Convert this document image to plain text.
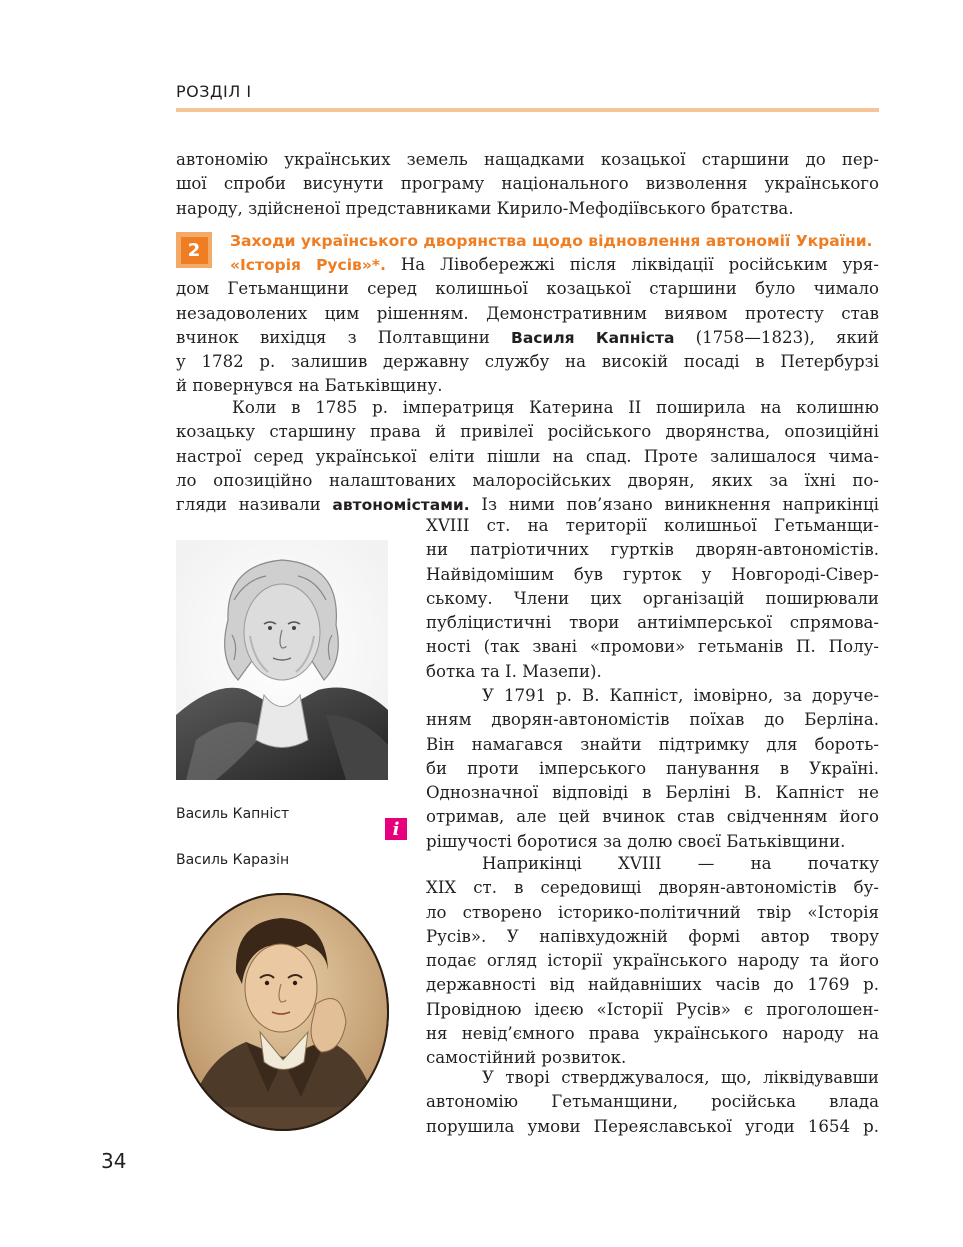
РОЗДІЛ І
автономію українських земель нащадками козацької старшини до пер-
шої спроби висунути програму національного визволення українського
народу, здійсненої представниками Кирило-Мефодіївського братства.
2	Заходи українського дворянства щодо відновлення автономії України.
«Історія Русів»*. На Лівобережжі після ліквідації російським уря-
дом Гетьманщини серед колишньої козацької старшини було чимало
незадоволених цим рішенням. Демонстративним виявом протесту став
вчинок вихідця з Полтавщини Василя Капніста (1758—1823), який
у 1782 р. залишив державну службу на високій посаді в Петербурзі
й повернувся на Батьківщину.
Коли в 1785 р. імператриця Катерина ІІ поширила на колишню
козацьку старшину права й привілеї російського дворянства, опозиційні
настрої серед української еліти пішли на спад. Проте залишалося чима-
ло опозиційно налаштованих малоросійських дворян, яких за їхні по-
гляди називали автономістами. Із ними пов’язано виникнення наприкінці
XVIII ст. на території колишньої Гетьманщи-
ни патріотичних гуртків дворян-автономістів.
Найвідомішим був гурток у Новгороді-Сівер-
ському. Члени цих організацій поширювали
публіцистичні твори антиімперської спрямова-
ності (так звані «промови» гетьманів П. Полу-
ботка та І. Мазепи).
У 1791 р. В. Капніст, імовірно, за доруче-
нням дворян-автономістів поїхав до Берліна.
Він намагався знайти підтримку для бороть-
би проти імперського панування в Україні.
Однозначної відповіді в Берліні В. Капніст не
отримав, але цей вчинок став свідченням його
рішучості боротися за долю своєї Батьківщини.
Наприкінці XVIII — на початку
XIX ст. в середовищі дворян-автономістів бу-
ло створено історико-політичний твір «Історія
Русів». У напівхудожній формі автор твору
подає огляд історії українського народу та його
державності від найдавніших часів до 1769 р.
Провідною ідеєю «Історії Русів» є проголошен-
ня невід’ємного права українського народу на
самостійний розвиток.
У творі стверджувалося, що, ліквідувавши
автономію Гетьманщини, російська влада
порушила умови Переяславської угоди 1654 р.
Василь Капніст
i
Василь Каразін
34
